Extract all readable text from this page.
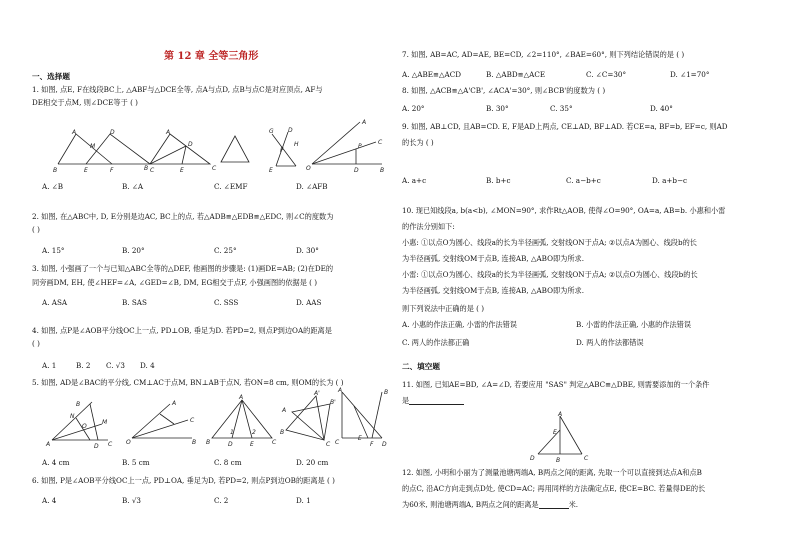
第 12 章 全等三角形
一、选择题
1. 如图, 点E, F在线段BC上, △ABF与△DCE全等, 点A与点D, 点B与点C是对应顶点, AF与
DE相交于点M, 则∠DCE等于 ( )
A	D
M
B	E	F	C
A
D
B	E	C
G D
E
H
F
A
C
P
D
O	B
A. ∠B	B. ∠A	C. ∠EMF	D. ∠AFB
2. 如图, 在△ABC中, D, E分别是边AC, BC上的点, 若△ADB≌△EDB≌△EDC, 则∠C的度数为
( )
A. 15°	B. 20°	C. 25°	D. 30°
3. 如图, 小强画了一个与已知△ABC全等的△DEF, 他画图的步骤是: (1)画DE=AB; (2)在DE的
同旁画DM, EH, 使∠HEF=∠A, ∠GED=∠B, DM, EG相交于点F, 小强画图的依据是 ( )
A. ASA	B. SAS	C. SSS	D. AAS
4. 如图, 点P是∠AOB平分线OC上一点, PD⊥OB, 垂足为D. 若PD=2, 则点P到边OA的距离是
( )
A. 1	B. 2 C. √3 D. 4
5. 如图, AD是∠BAC的平分线, CM⊥AC于点M, BN⊥AB于点N, 若ON=8 cm, 则OM的长为 ( )
B
N
O
M
A	D C
A
O
C
B
A
B
1	2
D	E	C
A'
B'
C
A
B
A
E
F D
C
B
A. 4 cm	B. 5 cm	C. 8 cm	D. 20 cm
6. 如图, P是∠AOB平分线OC上一点, PD⊥OA, 垂足为D, 若PD=2, 则点P到边OB的距离是 ( )
A. 4	B. √3	C. 2	D. 1
7. 如图, AB=AC, AD=AE, BE=CD, ∠2=110°, ∠BAE=60°, 则下列结论错误的是 ( )
A. △ABE≌△ACD	B. △ABD≌△ACE	C. ∠C=30°	D. ∠1=70°
8. 如图, △ACB≌△A'CB', ∠ACA'=30°, 则∠BCB'的度数为 ( )
A. 20°	B. 30°	C. 35°	D. 40°
9. 如图, AB⊥CD, 且AB=CD. E, F是AD上两点, CE⊥AD, BF⊥AD. 若CE=a, BF=b, EF=c, 则AD
的长为 ( )
A. a+c	B. b+c	C. a−b+c	D. a+b−c
10. 现已知线段a, b(a<b), ∠MON=90°, 求作Rt△AOB, 使得∠O=90°, OA=a, AB=b. 小惠和小雷
的作法分别如下:
小惠: ①以点O为圆心、线段a的长为半径画弧, 交射线ON于点A; ②以点A为圆心、线段b的长
为半径画弧, 交射线OM于点B, 连接AB, △ABO即为所求.
小雷: ①以点O为圆心、线段a的长为半径画弧, 交射线ON于点A; ②以点O为圆心、线段b的长
为半径画弧, 交射线OM于点B, 连接AB, △ABO即为所求.
则下列说法中正确的是 ( )
A. 小惠的作法正确, 小雷的作法错误	B. 小雷的作法正确, 小惠的作法错误
C. 两人的作法都正确	D. 两人的作法都错误
二、填空题
11. 如图, 已知AE=BD, ∠A=∠D, 若要应用 "SAS" 判定△ABC≌△DBE, 则需要添加的一个条件
是
A
E
B	C
D
12. 如图, 小明和小丽为了测量池塘两端A, B两点之间的距离, 先取一个可以直接到达点A和点B
的点C, 沿AC方向走到点D处, 使CD=AC; 再用同样的方法确定点E, 使CE=BC. 若量得DE的长
为60米, 则池塘两端A, B两点之间的距离是	米.
